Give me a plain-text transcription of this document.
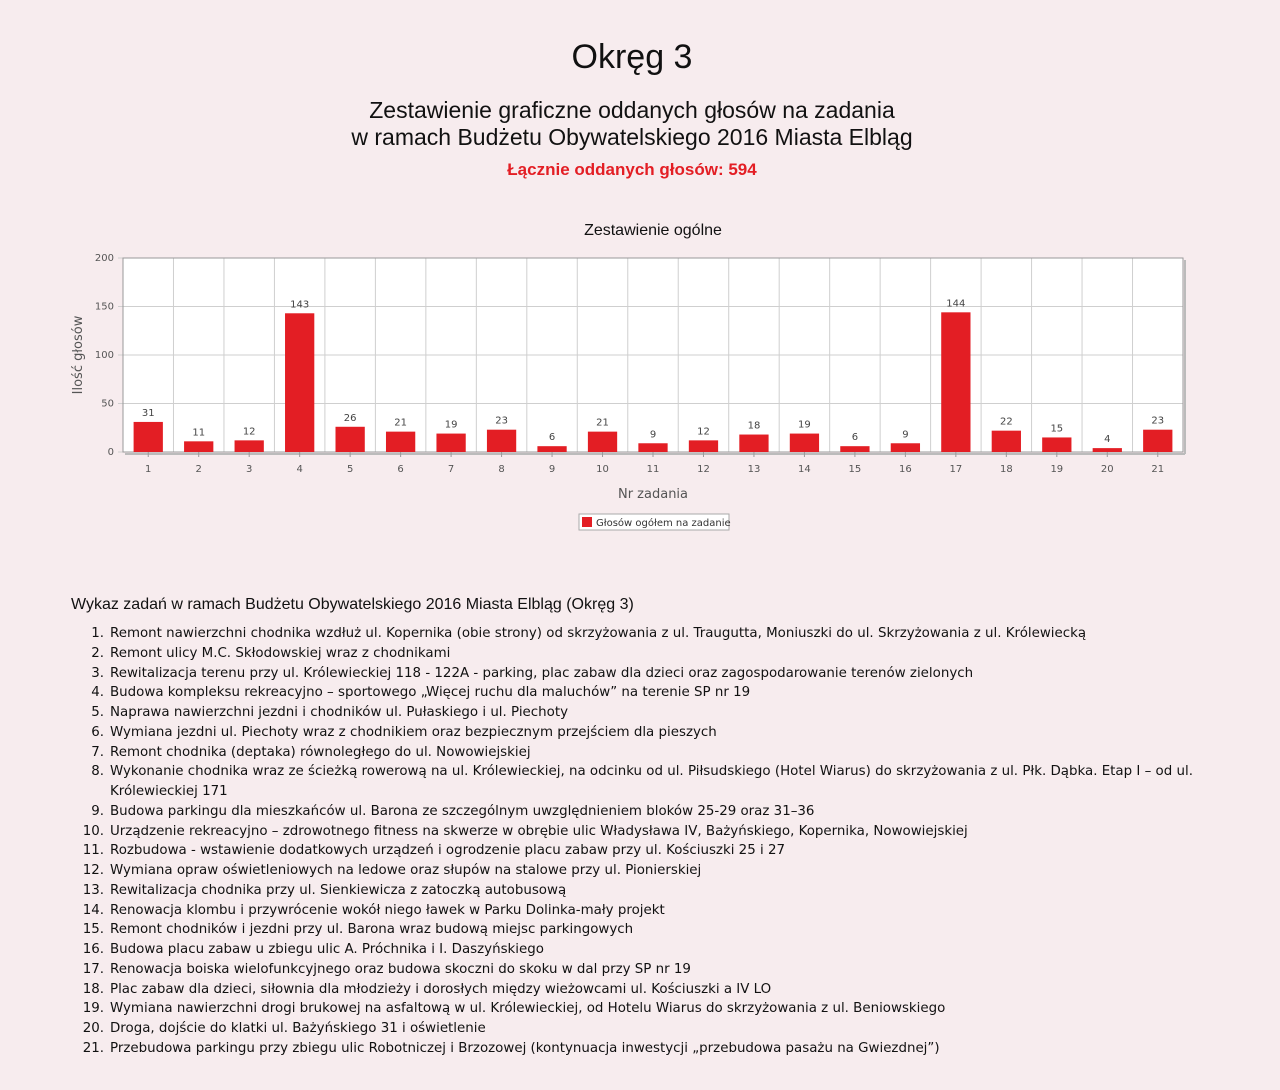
Okręg 3
Zestawienie graficzne oddanych głosów na zadania
w ramach Budżetu Obywatelskiego 2016 Miasta Elbląg
Łącznie oddanych głosów: 594
Zestawienie ogólne
0
50
100
150
200
31
1
11
2
12
3
143
4
26
5
21
6
19
7
23
8
6
9
21
10
9
11
12
12
18
13
19
14
6
15
9
16
144
17
22
18
15
19
4
20
23
21
Nr zadania
Ilość głosów
Głosów ogółem na zadanie
Wykaz zadań w ramach Budżetu Obywatelskiego 2016 Miasta Elbląg (Okręg 3)
1. Remont nawierzchni chodnika wzdłuż ul. Kopernika (obie strony) od skrzyżowania z ul. Traugutta, Moniuszki do ul. Skrzyżowania z ul. Królewiecką
2. Remont ulicy M.C. Skłodowskiej wraz z chodnikami
3. Rewitalizacja terenu przy ul. Królewieckiej 118 - 122A - parking, plac zabaw dla dzieci oraz zagospodarowanie terenów zielonych
4. Budowa kompleksu rekreacyjno – sportowego „Więcej ruchu dla maluchów” na terenie SP nr 19
5. Naprawa nawierzchni jezdni i chodników ul. Pułaskiego i ul. Piechoty
6. Wymiana jezdni ul. Piechoty wraz z chodnikiem oraz bezpiecznym przejściem dla pieszych
7. Remont chodnika (deptaka) równoległego do ul. Nowowiejskiej
8. Wykonanie chodnika wraz ze ścieżką rowerową na ul. Królewieckiej, na odcinku od ul. Piłsudskiego (Hotel Wiarus) do skrzyżowania z ul. Płk. Dąbka. Etap I – od ul. Królewieckiej 171
9. Budowa parkingu dla mieszkańców ul. Barona ze szczególnym uwzględnieniem bloków 25-29 oraz 31–36
10. Urządzenie rekreacyjno – zdrowotnego fitness na skwerze w obrębie ulic Władysława IV, Bażyńskiego, Kopernika, Nowowiejskiej
11. Rozbudowa - wstawienie dodatkowych urządzeń i ogrodzenie placu zabaw przy ul. Kościuszki 25 i 27
12. Wymiana opraw oświetleniowych na ledowe oraz słupów na stalowe przy ul. Pionierskiej
13. Rewitalizacja chodnika przy ul. Sienkiewicza z zatoczką autobusową
14. Renowacja klombu i przywrócenie wokół niego ławek w Parku Dolinka-mały projekt
15. Remont chodników i jezdni przy ul. Barona wraz budową miejsc parkingowych
16. Budowa placu zabaw u zbiegu ulic A. Próchnika i I. Daszyńskiego
17. Renowacja boiska wielofunkcyjnego oraz budowa skoczni do skoku w dal przy SP nr 19
18. Plac zabaw dla dzieci, siłownia dla młodzieży i dorosłych między wieżowcami ul. Kościuszki a IV LO
19. Wymiana nawierzchni drogi brukowej na asfaltową w ul. Królewieckiej, od Hotelu Wiarus do skrzyżowania z ul. Beniowskiego
20. Droga, dojście do klatki ul. Bażyńskiego 31 i oświetlenie
21. Przebudowa parkingu przy zbiegu ulic Robotniczej i Brzozowej (kontynuacja inwestycji „przebudowa pasażu na Gwiezdnej”)
